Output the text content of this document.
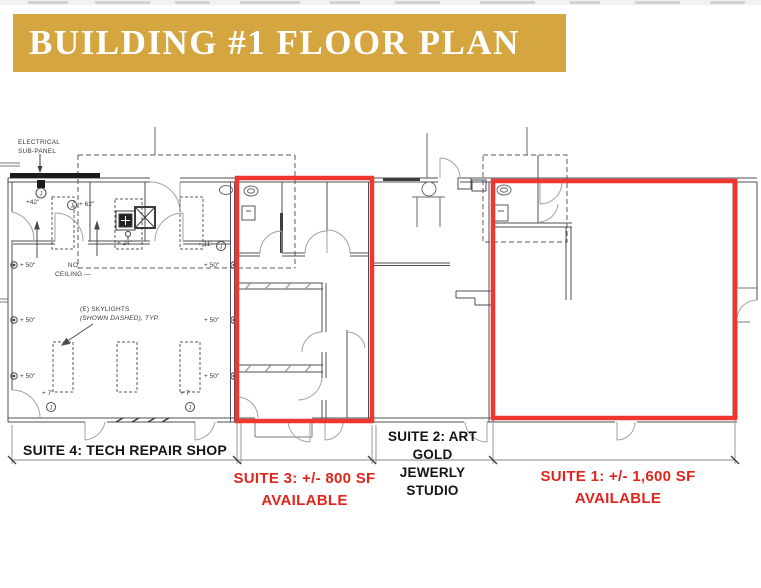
BUILDING #1 FLOOR PLAN
J
J
J
J	J
ELECTRICAL
SUB-PANEL
NO
CEILING —
(E) SKYLIGHTS
(SHOWN DASHED), TYP.
+42"	+ 62"
+ 24"	+ 11'
+ 50"	+ 50"
+ 50"	+ 50"
+ 50"	+ 50"
+ 7'	+ 7'
SUITE 4: TECH REPAIR SHOP
SUITE 2: ART GOLD
JEWERLY STUDIO
SUITE 3: +/- 800 SF
AVAILABLE
SUITE 1: +/- 1,600 SF
AVAILABLE
